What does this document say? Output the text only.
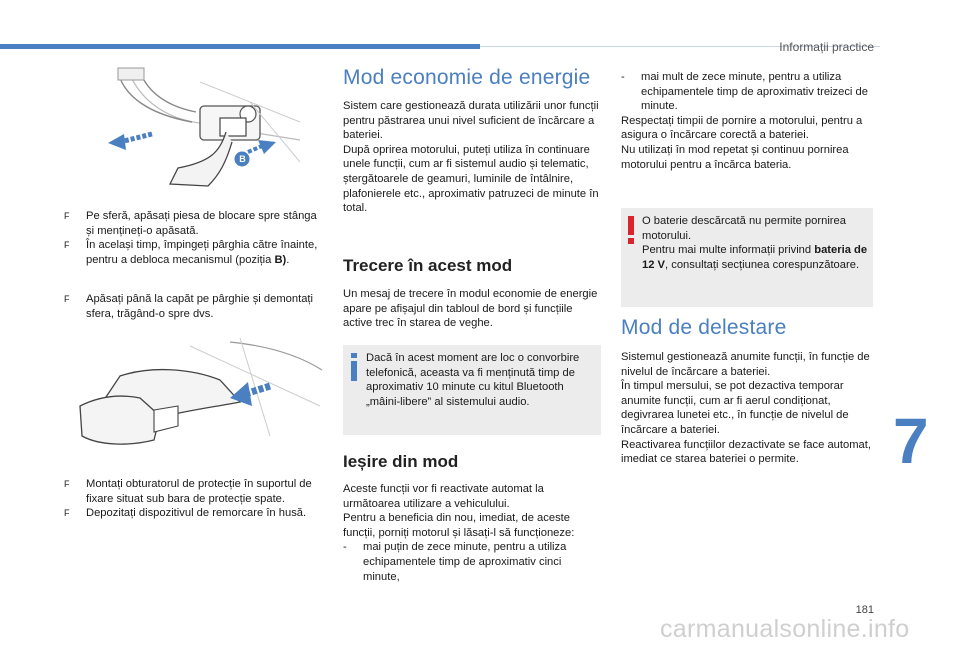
Informații practice
B
F Pe sferă, apăsați piesa de blocare spre stânga și mențineți-o apăsată.
F În același timp, împingeți pârghia către înainte, pentru a debloca mecanismul (poziția B).
F Apăsați până la capăt pe pârghie și demontați sfera, trăgând-o spre dvs.
F Montați obturatorul de protecție în suportul de fixare situat sub bara de protecție spate.
F Depozitați dispozitivul de remorcare în husă.
Mod economie de energie
Sistem care gestionează durata utilizării unor funcții pentru păstrarea unui nivel suficient de încărcare a bateriei.
După oprirea motorului, puteți utiliza în continuare unele funcții, cum ar fi sistemul audio și telematic, ștergătoarele de geamuri, luminile de întâlnire, plafonierele etc., aproximativ patruzeci de minute în total.
Trecere în acest mod
Un mesaj de trecere în modul economie de energie apare pe afișajul din tabloul de bord și funcțiile active trec în starea de veghe.
Dacă în acest moment are loc o convorbire telefonică, aceasta va fi menținută timp de aproximativ 10 minute cu kitul Bluetooth „mâini-libere” al sistemului audio.
Ieșire din mod
Aceste funcții vor fi reactivate automat la următoarea utilizare a vehiculului.
Pentru a beneficia din nou, imediat, de aceste funcții, porniți motorul și lăsați-l să funcționeze:
- mai puțin de zece minute, pentru a utiliza echipamentele timp de aproximativ cinci minute,
- mai mult de zece minute, pentru a utiliza echipamentele timp de aproximativ treizeci de minute.
Respectați timpii de pornire a motorului, pentru a asigura o încărcare corectă a bateriei.
Nu utilizați în mod repetat și continuu pornirea motorului pentru a încărca bateria.
O baterie descărcată nu permite pornirea motorului.
Pentru mai multe informații privind bateria de 12 V, consultați secțiunea corespunzătoare.
Mod de delestare
Sistemul gestionează anumite funcții, în funcție de nivelul de încărcare a bateriei.
În timpul mersului, se pot dezactiva temporar anumite funcții, cum ar fi aerul condiționat, degivrarea lunetei etc., în funcție de nivelul de încărcare a bateriei.
Reactivarea funcțiilor dezactivate se face automat, imediat ce starea bateriei o permite.	7
181
carmanualsonline.info
